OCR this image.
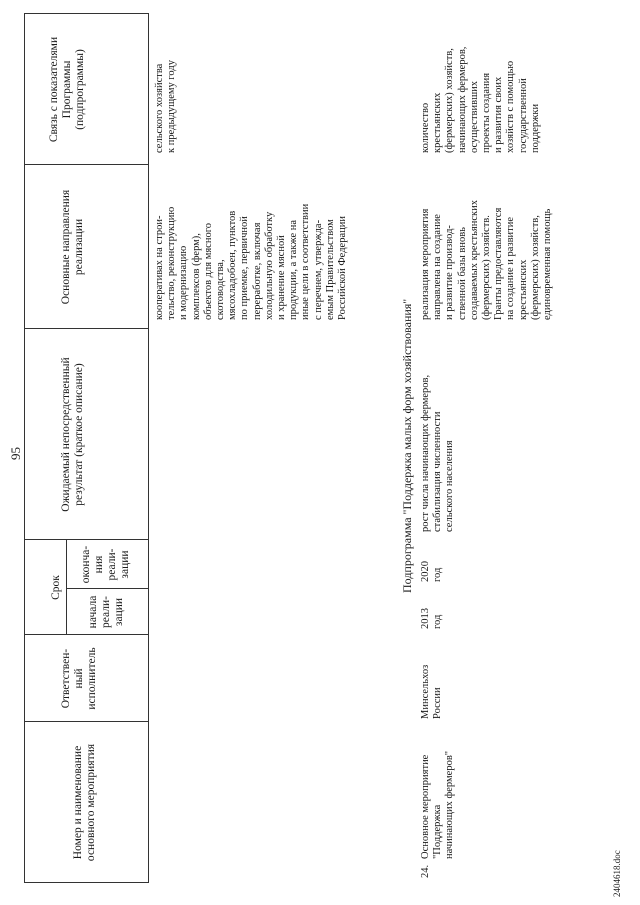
95
Номер и наименование основного мероприятия
Ответствен- ный исполнитель
Срок
начала реали- зации
оконча- ния реали- зации
Ожидаемый непосредственный результат (краткое описание)
Основные направления реализации
Связь с показателями Программы (подпрограммы)
кооперативах на строи- тельство, реконструкцию и модернизацию комплексов (ферм), объектов для мясного скотоводства, мясохладобоен, пунктов по приемке, первичной переработке, включая холодильную обработку и хранение мясной продукции, а также на иные цели в соответствии с перечнем, утвержда- емым Правительством Российской Федерации
сельского хозяйства к предыдущему году
Подпрограмма "Поддержка малых форм хозяйствования"
24.
Основное мероприятие "Поддержка начинающих фермеров"
Минсельхоз России
2013 год
2020 год
рост числа начинающих фермеров, стабилизация численности сельского населения
реализация мероприятия направлена на создание и развитие производ- ственной базы вновь создаваемых крестьянских (фермерских) хозяйств. Гранты предоставляются на создание и развитие крестьянских (фермерских) хозяйств, единовременная помощь
количество крестьянских (фермерских) хозяйств, начинающих фермеров, осуществивших проекты создания и развития своих хозяйств с помощью государственной поддержки
2404618.doc
